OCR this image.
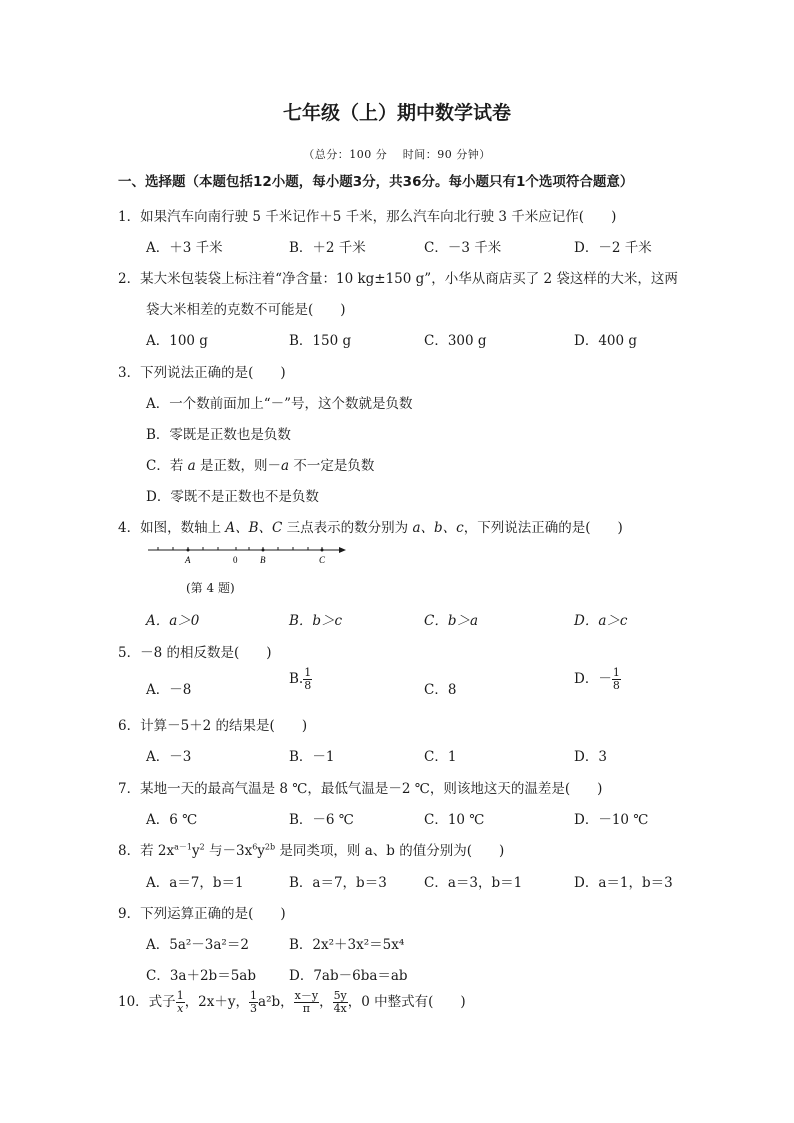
七年级（上）期中数学试卷
（总分：100 分　 时间：90 分钟）
一、选择题（本题包括12小题，每小题3分，共36分。每小题只有1个选项符合题意）
1．如果汽车向南行驶 5 千米记作＋5 千米，那么汽车向北行驶 3 千米应记作(　　)
A．＋3 千米	B．＋2 千米	C．－3 千米	D．－2 千米
2．某大米包装袋上标注着“净含量：10 kg±150 g”，小华从商店买了 2 袋这样的大米，这两
袋大米相差的克数不可能是(　　)
A．100 g	B．150 g	C．300 g	D．400 g
3．下列说法正确的是(　　)
A．一个数前面加上“－”号，这个数就是负数
B．零既是正数也是负数
C．若 a 是正数，则－a 不一定是负数
D．零既不是正数也不是负数
4．如图，数轴上 A、B、C 三点表示的数分别为 a、b、c，下列说法正确的是(　　)
A	0	B	C
(第 4 题)
A．a＞0	B．b＞c	C．b＞a	D．a＞c
5．－8 的相反数是(　　)
A．－8
B. $\frac{1}{8}$	C．8
D．－ $\frac{1}{8}$
6．计算－5＋2 的结果是(　　)
A．－3	B．－1	C．1	D．3
7．某地一天的最高气温是 8 ℃，最低气温是－2 ℃，则该地这天的温差是(　　)
A．6 ℃	B．－6 ℃	C．10 ℃	D．－10 ℃
8．若 $2x^{a-1}y^2$ 与$-3x^6y^{2b}$ 是同类项，则 a、b 的值分别为(　　)
A．a＝7，b＝1	B．a＝7，b＝3	C．a＝3，b＝1	D．a＝1，b＝3
9．下列运算正确的是(　　)
A．5a²－3a²＝2	B．2x²＋3x²＝5x⁴
C．3a＋2b＝5ab D．7ab－6ba＝ab
10．式子 $\frac{1}{x}$ ，2x＋y， $\frac{1}{3} a^2b$， $\frac{x-y}{\pi}$ ， $\frac{5y}{4x}$ ，0 中整式有(　　)
